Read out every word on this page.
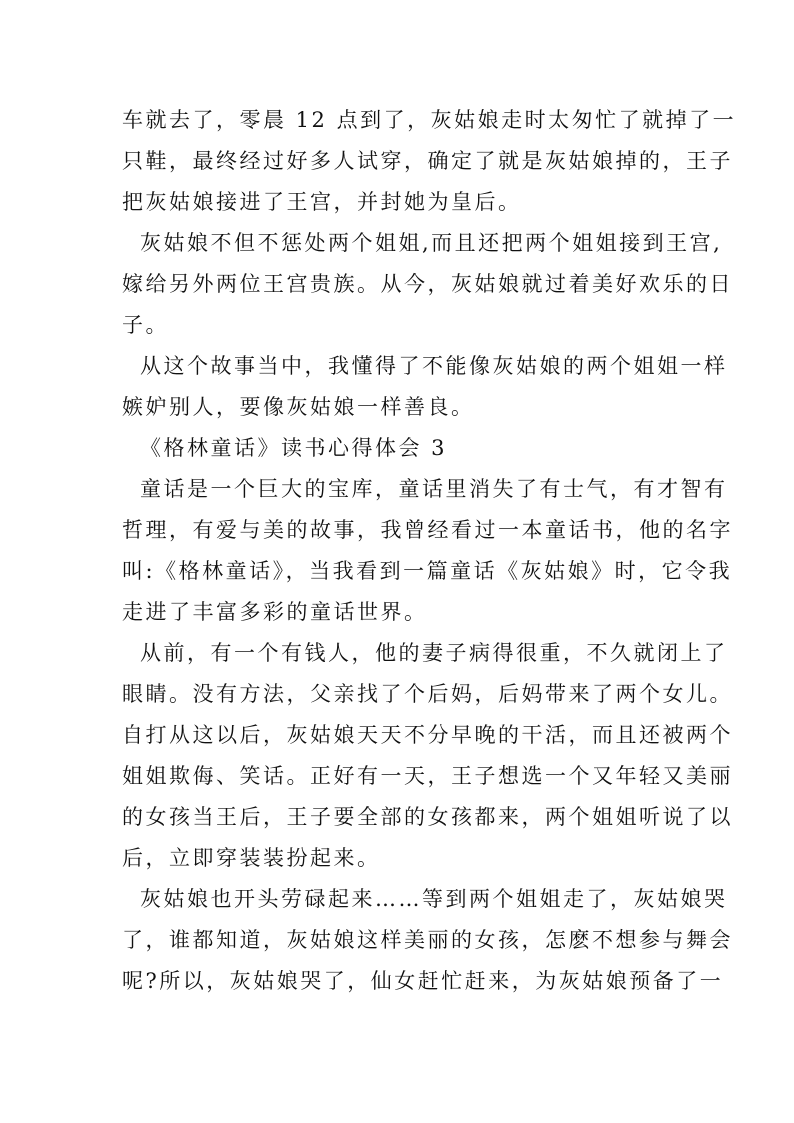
车就去了，零晨 12 点到了，灰姑娘走时太匆忙了就掉了一
只鞋，最终经过好多人试穿，确定了就是灰姑娘掉的，王子
把灰姑娘接进了王宫，并封她为皇后。
灰姑娘不但不惩处两个姐姐,而且还把两个姐姐接到王宫,
嫁给另外两位王宫贵族。从今，灰姑娘就过着美好欢乐的日
子。
从这个故事当中，我懂得了不能像灰姑娘的两个姐姐一样
嫉妒别人，要像灰姑娘一样善良。
《格林童话》读书心得体会 3
童话是一个巨大的宝库，童话里消失了有士气，有才智有
哲理，有爱与美的故事，我曾经看过一本童话书，他的名字
叫:《格林童话》，当我看到一篇童话《灰姑娘》时，它令我
走进了丰富多彩的童话世界。
从前，有一个有钱人，他的妻子病得很重，不久就闭上了
眼睛。没有方法，父亲找了个后妈，后妈带来了两个女儿。
自打从这以后，灰姑娘天天不分早晚的干活，而且还被两个
姐姐欺侮、笑话。正好有一天，王子想选一个又年轻又美丽
的女孩当王后，王子要全部的女孩都来，两个姐姐听说了以
后，立即穿装装扮起来。
灰姑娘也开头劳碌起来……等到两个姐姐走了，灰姑娘哭
了，谁都知道，灰姑娘这样美丽的女孩，怎麽不想参与舞会
呢?所以，灰姑娘哭了，仙女赶忙赶来，为灰姑娘预备了一
